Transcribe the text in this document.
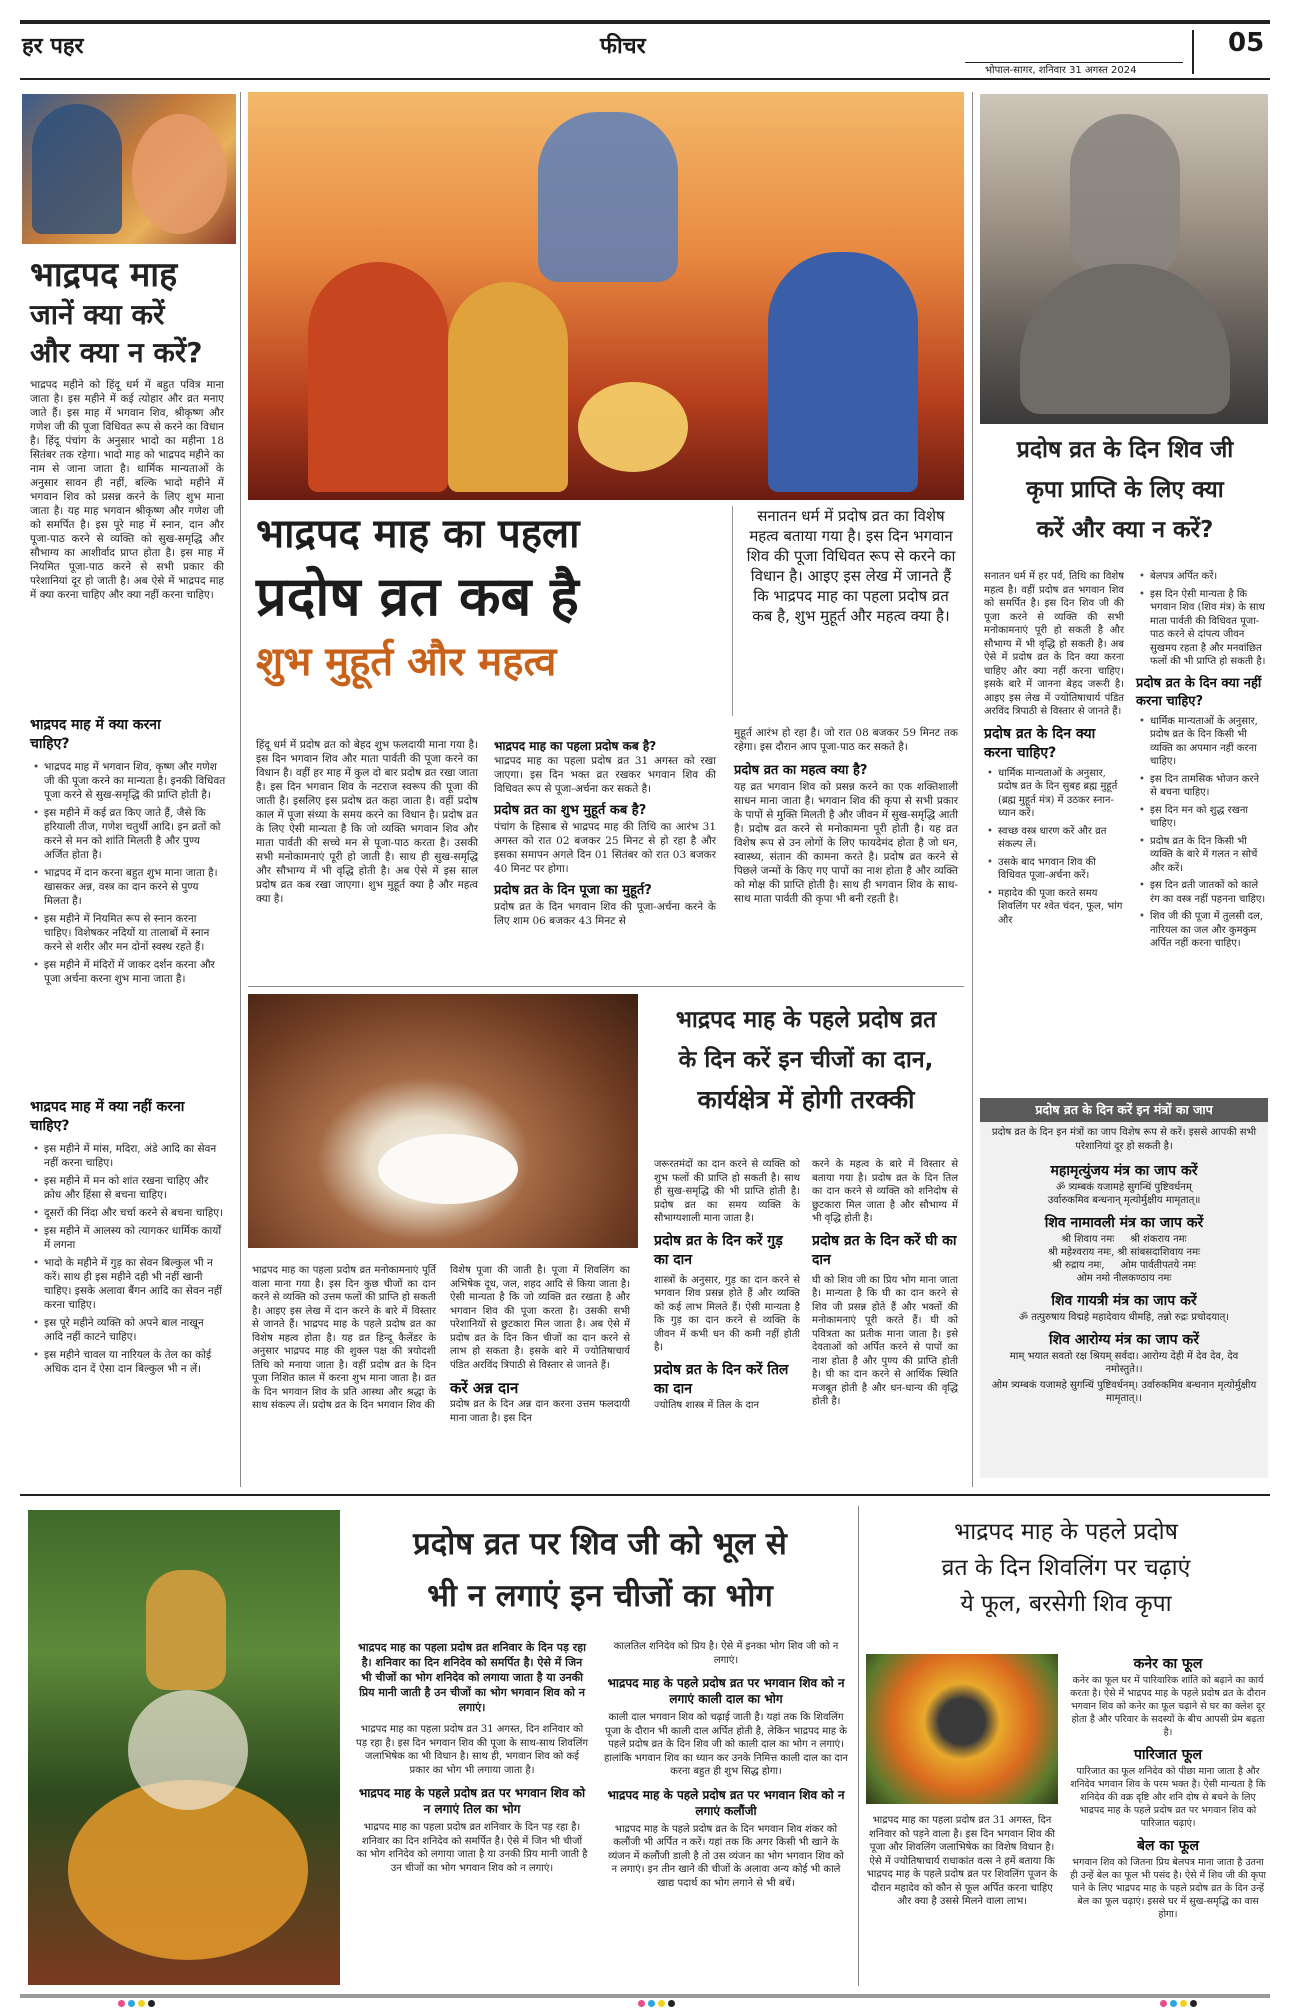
हर पहर	फीचर
भोपाल-सागर, शनिवार 31 अगस्त 2024
05
भाद्रपद माह
जानें क्या करें
और क्या न करें?

भाद्रपद महीने को हिंदू धर्म में बहुत पवित्र माना जाता है। इस महीने में कई त्योहार और व्रत मनाए जाते हैं। इस माह में भगवान शिव, श्रीकृष्ण और गणेश जी की पूजा विधिवत रूप से करने का विधान है। हिंदू पंचांग के अनुसार भादो का महीना 18 सितंबर तक रहेगा। भादो माह को भाद्रपद महीने का नाम से जाना जाता है। धार्मिक मान्यताओं के अनुसार सावन ही नहीं, बल्कि भादो महीने में भगवान शिव को प्रसन्न करने के लिए शुभ माना जाता है। यह माह भगवान श्रीकृष्ण और गणेश जी को समर्पित है। इस पूरे माह में स्नान, दान और पूजा-पाठ करने से व्यक्ति को सुख-समृद्धि और सौभाग्य का आशीर्वाद प्राप्त होता है। इस माह में नियमित पूजा-पाठ करने से सभी प्रकार की परेशानियां दूर हो जाती है। अब ऐसे में भाद्रपद माह में क्या करना चाहिए और क्या नहीं करना चाहिए।

भाद्रपद माह में क्या करना चाहिए?
• भाद्रपद माह में भगवान शिव, कृष्ण और गणेश जी की पूजा करने का मान्यता है। इनकी विधिवत पूजा करने से सुख-समृद्धि की प्राप्ति होती है।
• इस महीने में कई व्रत किए जाते हैं, जैसे कि हरियाली तीज, गणेश चतुर्थी आदि। इन व्रतों को करने से मन को शांति मिलती है और पुण्य अर्जित होता है।
• भाद्रपद में दान करना बहुत शुभ माना जाता है। खासकर अन्न, वस्त्र का दान करने से पुण्य मिलता है।
• इस महीने में नियमित रूप से स्नान करना चाहिए। विशेषकर नदियों या तालाबों में स्नान करने से शरीर और मन दोनों स्वस्थ रहते हैं।
• इस महीने में मंदिरों में जाकर दर्शन करना और पूजा अर्चना करना शुभ माना जाता है।
भाद्रपद माह में क्या नहीं करना चाहिए?
• इस महीने में मांस, मदिरा, अंडे आदि का सेवन नहीं करना चाहिए।
• इस महीने में मन को शांत रखना चाहिए और क्रोध और हिंसा से बचना चाहिए।
• दूसरों की निंदा और चर्चा करने से बचना चाहिए।
• इस महीने में आलस्य को त्यागकर धार्मिक कार्यों में लगना
• भादो के महीने में गुड़ का सेवन बिल्कुल भी न करें। साथ ही इस महीने दही भी नहीं खानी चाहिए। इसके अलावा बैंगन आदि का सेवन नहीं करना चाहिए।
• इस पूरे महीने व्यक्ति को अपने बाल नाखून आदि नहीं काटने चाहिए।
• इस महीने चावल या नारियल के तेल का कोई अधिक दान दें ऐसा दान बिल्कुल भी न लें।
भाद्रपद माह का पहला
प्रदोष व्रत कब है
शुभ मुहूर्त और महत्व

सनातन धर्म में प्रदोष व्रत का विशेष महत्व बताया गया है। इस दिन भगवान शिव की पूजा विधिवत रूप से करने का विधान है। आइए इस लेख में जानते हैं कि भाद्रपद माह का पहला प्रदोष व्रत कब है, शुभ मुहूर्त और महत्व क्या है।

हिंदू धर्म में प्रदोष व्रत को बेहद शुभ फलदायी माना गया है। इस दिन भगवान शिव और माता पार्वती की पूजा करने का विधान है। वहीं हर माह में कुल दो बार प्रदोष व्रत रखा जाता है। इस दिन भगवान शिव के नटराज स्वरूप की पूजा की जाती है। इसलिए इस प्रदोष व्रत कहा जाता है। वहीं प्रदोष काल में पूजा संध्या के समय करने का विधान है। प्रदोष व्रत के लिए ऐसी मान्यता है कि जो व्यक्ति भगवान शिव और माता पार्वती की सच्चे मन से पूजा-पाठ करता है। उसकी सभी मनोकामनाएं पूरी हो जाती है। साथ ही सुख-समृद्धि और सौभाग्य में भी वृद्धि होती है। अब ऐसे में इस साल प्रदोष व्रत कब रखा जाएगा। शुभ मुहूर्त क्या है और महत्व क्या है।

भाद्रपद माह का पहला प्रदोष कब है?

भाद्रपद माह का पहला प्रदोष व्रत 31 अगस्त को रखा जाएगा। इस दिन भक्त व्रत रखकर भगवान शिव की विधिवत रूप से पूजा-अर्चना कर सकते है।

प्रदोष व्रत का शुभ मुहूर्त कब है?

पंचांग के हिसाब से भाद्रपद माह की तिथि का आरंभ 31 अगस्त को रात 02 बजकर 25 मिनट से हो रहा है और इसका समापन अगले दिन 01 सितंबर को रात 03 बजकर 40 मिनट पर होगा।

प्रदोष व्रत के दिन पूजा का मुहूर्त?

प्रदोष व्रत के दिन भगवान शिव की पूजा-अर्चना करने के लिए शाम 06 बजकर 43 मिनट से

मुहूर्त आरंभ हो रहा है। जो रात 08 बजकर 59 मिनट तक रहेगा। इस दौरान आप पूजा-पाठ कर सकते है।

प्रदोष व्रत का महत्व क्या है?

यह व्रत भगवान शिव को प्रसन्न करने का एक शक्तिशाली साधन माना जाता है। भगवान शिव की कृपा से सभी प्रकार के पापों से मुक्ति मिलती है और जीवन में सुख-समृद्धि आती है। प्रदोष व्रत करने से मनोकामना पूरी होती है। यह व्रत विशेष रूप से उन लोगों के लिए फायदेमंद होता है जो धन, स्वास्थ्य, संतान की कामना करते है। प्रदोष व्रत करने से पिछले जन्मों के किए गए पापों का नाश होता है और व्यक्ति को मोक्ष की प्राप्ति होती है। साथ ही भगवान शिव के साथ-साथ माता पार्वती की कृपा भी बनी रहती है।

भाद्रपद माह के पहले प्रदोष व्रत
के दिन करें इन चीजों का दान,
कार्यक्षेत्र में होगी तरक्की

भाद्रपद माह का पहला प्रदोष व्रत मनोकामनाएं पूर्ति वाला माना गया है। इस दिन कुछ चीजों का दान करने से व्यक्ति को उत्तम फलों की प्राप्ति हो सकती है। आइए इस लेख में दान करने के बारे में विस्तार से जानते हैं। भाद्रपद माह के पहले प्रदोष व्रत का विशेष महत्व होता है। यह व्रत हिन्दू कैलेंडर के अनुसार भाद्रपद माह की शुक्ल पक्ष की त्रयोदशी तिथि को मनाया जाता है। वहीं प्रदोष व्रत के दिन पूजा निशित काल में करना शुभ माना जाता है। व्रत के दिन भगवान शिव के प्रति आस्था और श्रद्धा के साथ संकल्प लें। प्रदोष व्रत के दिन भगवान शिव की

विशेष पूजा की जाती है। पूजा में शिवलिंग का अभिषेक दूध, जल, शहद आदि से किया जाता है। ऐसी मान्यता है कि जो व्यक्ति व्रत रखता है और भगवान शिव की पूजा करता है। उसकी सभी परेशानियों से छुटकारा मिल जाता है। अब ऐसे में प्रदोष व्रत के दिन किन चीजों का दान करने से लाभ हो सकता है। इसके बारे में ज्योतिषाचार्य पंडित अरविंद त्रिपाठी से विस्तार से जानते हैं।

करें अन्न दान

प्रदोष व्रत के दिन अन्न दान करना उत्तम फलदायी माना जाता है। इस दिन

जरूरतमंदों का दान करने से व्यक्ति को शुभ फलों की प्राप्ति हो सकती है। साथ ही सुख-समृद्धि की भी प्राप्ति होती है। प्रदोष व्रत का समय व्यक्ति के सौभाग्यशाली माना जाता है।

प्रदोष व्रत के दिन करें गुड़ का दान

शास्त्रों के अनुसार, गुड़ का दान करने से भगवान शिव प्रसन्न होते हैं और व्यक्ति को कई लाभ मिलते हैं। ऐसी मान्यता है कि गुड़ का दान करने से व्यक्ति के जीवन में कभी धन की कमी नहीं होती है।

प्रदोष व्रत के दिन करें तिल का दान

ज्योतिष शास्त्र में तिल के दान

करने के महत्व के बारे में विस्तार से बताया गया है। प्रदोष व्रत के दिन तिल का दान करने से व्यक्ति को शनिदोष से छुटकारा मिल जाता है और सौभाग्य में भी वृद्धि होती है।

प्रदोष व्रत के दिन करें घी का दान

घी को शिव जी का प्रिय भोग माना जाता है। मान्यता है कि घी का दान करने से शिव जी प्रसन्न होते हैं और भक्तों की मनोकामनाएं पूरी करते हैं। घी को पवित्रता का प्रतीक माना जाता है। इसे देवताओं को अर्पित करने से पापों का नाश होता है और पुण्य की प्राप्ति होती है। घी का दान करने से आर्थिक स्थिति मजबूत होती है और धन-धान्य की वृद्धि होती है।

प्रदोष व्रत के दिन शिव जी
कृपा प्राप्ति के लिए क्या
करें और क्या न करें?

सनातन धर्म में हर पर्व, तिथि का विशेष महत्व है। वहीं प्रदोष व्रत भगवान शिव को समर्पित है। इस दिन शिव जी की पूजा करने से व्यक्ति की सभी मनोकामनाएं पूरी हो सकती है और सौभाग्य में भी वृद्धि हो सकती है। अब ऐसे में प्रदोष व्रत के दिन क्या करना चाहिए और क्या नहीं करना चाहिए। इसके बारे में जानना बेहद जरूरी है। आइए इस लेख में ज्योतिषाचार्य पंडित अरविंद त्रिपाठी से विस्तार से जानते हैं।

प्रदोष व्रत के दिन क्या करना चाहिए?
• धार्मिक मान्यताओं के अनुसार, प्रदोष व्रत के दिन सुबह ब्रह्म मुहूर्त (ब्रह्म मुहूर्त मंत्र) में उठकर स्नान-ध्यान करें।
• स्वच्छ वस्त्र धारण करें और व्रत संकल्प लें।
• उसके बाद भगवान शिव की विधिवत पूजा-अर्चना करें।
• महादेव की पूजा करते समय शिवलिंग पर श्वेत चंदन, फूल, भांग और
• बेलपत्र अर्पित करें।
• इस दिन ऐसी मान्यता है कि भगवान शिव (शिव मंत्र) के साथ माता पार्वती की विधिवत पूजा-पाठ करने से दांपत्य जीवन सुखमय रहता है और मनवांछित फलों की भी प्राप्ति हो सकती है।
प्रदोष व्रत के दिन क्या नहीं करना चाहिए?
• धार्मिक मान्यताओं के अनुसार, प्रदोष व्रत के दिन किसी भी व्यक्ति का अपमान नहीं करना चाहिए।
• इस दिन तामसिक भोजन करने से बचना चाहिए।
• इस दिन मन को शुद्ध रखना चाहिए।
• प्रदोष व्रत के दिन किसी भी व्यक्ति के बारे में गलत न सोचें और करें।
• इस दिन व्रती जातकों को काले रंग का वस्त्र नहीं पहनना चाहिए।
• शिव जी की पूजा में तुलसी दल, नारियल का जल और कुमकुम अर्पित नहीं करना चाहिए।
प्रदोष व्रत के दिन करें इन मंत्रों का जाप

प्रदोष व्रत के दिन इन मंत्रों का जाप विशेष रूप से करें। इससे आपकी सभी परेशानियां दूर हो सकती है।

महामृत्युंजय मंत्र का जाप करें
ॐ त्र्यम्बकं यजामहे सुगन्धिं पुष्टिवर्धनम्
उर्वारुकमिव बन्धनान् मृत्योर्मुक्षीय मामृतात्॥
शिव नामावली मंत्र का जाप करें
श्री शिवाय नमः     श्री शंकराय नमः
श्री महेश्वराय नमः, श्री सांबसदाशिवाय नमः
श्री रुद्राय नमः,     ओम पार्वतीपतये नमः
ओम नमो नीलकण्ठाय नमः
शिव गायत्री मंत्र का जाप करें
ॐ तत्पुरुषाय विद्महे महादेवाय धीमहि, तन्नो रुद्रः प्रचोदयात्।
शिव आरोग्य मंत्र का जाप करें
माम् भयात सवतो रक्ष श्रियम् सर्वदा। आरोग्य देही में देव देव, देव नमोस्तुते।।
ओम त्र्यम्बकं यजामहे सुगन्धिं पुष्टिवर्धनम्। उर्वारुकमिव बन्धनान मृत्योर्मुक्षीय मामृतात्।।
प्रदोष व्रत पर शिव जी को भूल से
भी न लगाएं इन चीजों का भोग

भाद्रपद माह का पहला प्रदोष व्रत शनिवार के दिन पड़ रहा है। शनिवार का दिन शनिदेव को समर्पित है। ऐसे में जिन भी चीजों का भोग शनिदेव को लगाया जाता है या उनकी प्रिय मानी जाती है उन चीजों का भोग भगवान शिव को न लगाएं।

भाद्रपद माह का पहला प्रदोष व्रत 31 अगस्त, दिन शनिवार को पड़ रहा है। इस दिन भगवान शिव की पूजा के साथ-साथ शिवलिंग जलाभिषेक का भी विधान है। साथ ही, भगवान शिव को कई प्रकार का भोग भी लगाया जाता है।

भाद्रपद माह के पहले प्रदोष व्रत पर भगवान शिव को न लगाएं तिल का भोग

भाद्रपद माह का पहला प्रदोष व्रत शनिवार के दिन पड़ रहा है। शनिवार का दिन शनिदेव को समर्पित है। ऐसे में जिन भी चीजों का भोग शनिदेव को लगाया जाता है या उनकी प्रिय मानी जाती है उन चीजों का भोग भगवान शिव को न लगाएं।

कालतिल शनिदेव को प्रिय है। ऐसे में इनका भोग शिव जी को न लगाएं।

भाद्रपद माह के पहले प्रदोष व्रत पर भगवान शिव को न लगाएं काली दाल का भोग

काली दाल भगवान शिव को चढ़ाई जाती है। यहां तक कि शिवलिंग पूजा के दौरान भी काली दाल अर्पित होती है, लेकिन भाद्रपद माह के पहले प्रदोष व्रत के दिन शिव जी को काली दाल का भोग न लगाएं। हालांकि भगवान शिव का ध्यान कर उनके निमित्त काली दाल का दान करना बहुत ही शुभ सिद्ध होगा।

भाद्रपद माह के पहले प्रदोष व्रत पर भगवान शिव को न लगाएं कलौंजी

भाद्रपद माह के पहले प्रदोष व्रत के दिन भगवान शिव शंकर को कलौंजी भी अर्पित न करें। यहां तक कि अगर किसी भी खाने के व्यंजन में कलौंजी डाली है तो उस व्यंजन का भोग भगवान शिव को न लगाएं। इन तीन खाने की चीजों के अलावा अन्य कोई भी काले खाद्य पदार्थ का भोग लगाने से भी बचें।

भाद्रपद माह के पहले प्रदोष
व्रत के दिन शिवलिंग पर चढ़ाएं
ये फूल, बरसेगी शिव कृपा

भाद्रपद माह का पहला प्रदोष व्रत 31 अगस्त, दिन शनिवार को पड़ने वाला है। इस दिन भगवान शिव की पूजा और शिवलिंग जलाभिषेक का विशेष विधान है। ऐसे में ज्योतिषाचार्य राधाकांत वत्स ने हमें बताया कि भाद्रपद माह के पहले प्रदोष व्रत पर शिवलिंग पूजन के दौरान महादेव को कौन से फूल अर्पित करना चाहिए और क्या है उससे मिलने वाला लाभ।

कनेर का फूल

कनेर का फूल घर में पारिवारिक शांति को बढ़ाने का कार्य करता है। ऐसे में भाद्रपद माह के पहले प्रदोष व्रत के दौरान भगवान शिव को कनेर का फूल चढ़ाने से घर का क्लेश दूर होता है और परिवार के सदस्यों के बीच आपसी प्रेम बढ़ता है।

पारिजात फूल

पारिजात का फूल शनिदेव को पीछा माना जाता है और शनिदेव भगवान शिव के परम भक्त है। ऐसी मान्यता है कि शनिदेव की वक्र दृष्टि और शनि दोष से बचने के लिए भाद्रपद माह के पहले प्रदोष व्रत पर भगवान शिव को पारिजात चढ़ाएं।

बेल का फूल

भगवान शिव को जितना प्रिय बेलपत्र माना जाता है उतना ही उन्हें बेल का फूल भी पसंद है। ऐसे में शिव जी की कृपा पाने के लिए भाद्रपद माह के पहले प्रदोष व्रत के दिन उन्हें बेल का फूल चढ़ाएं। इससे घर में सुख-समृद्धि का वास होगा।
